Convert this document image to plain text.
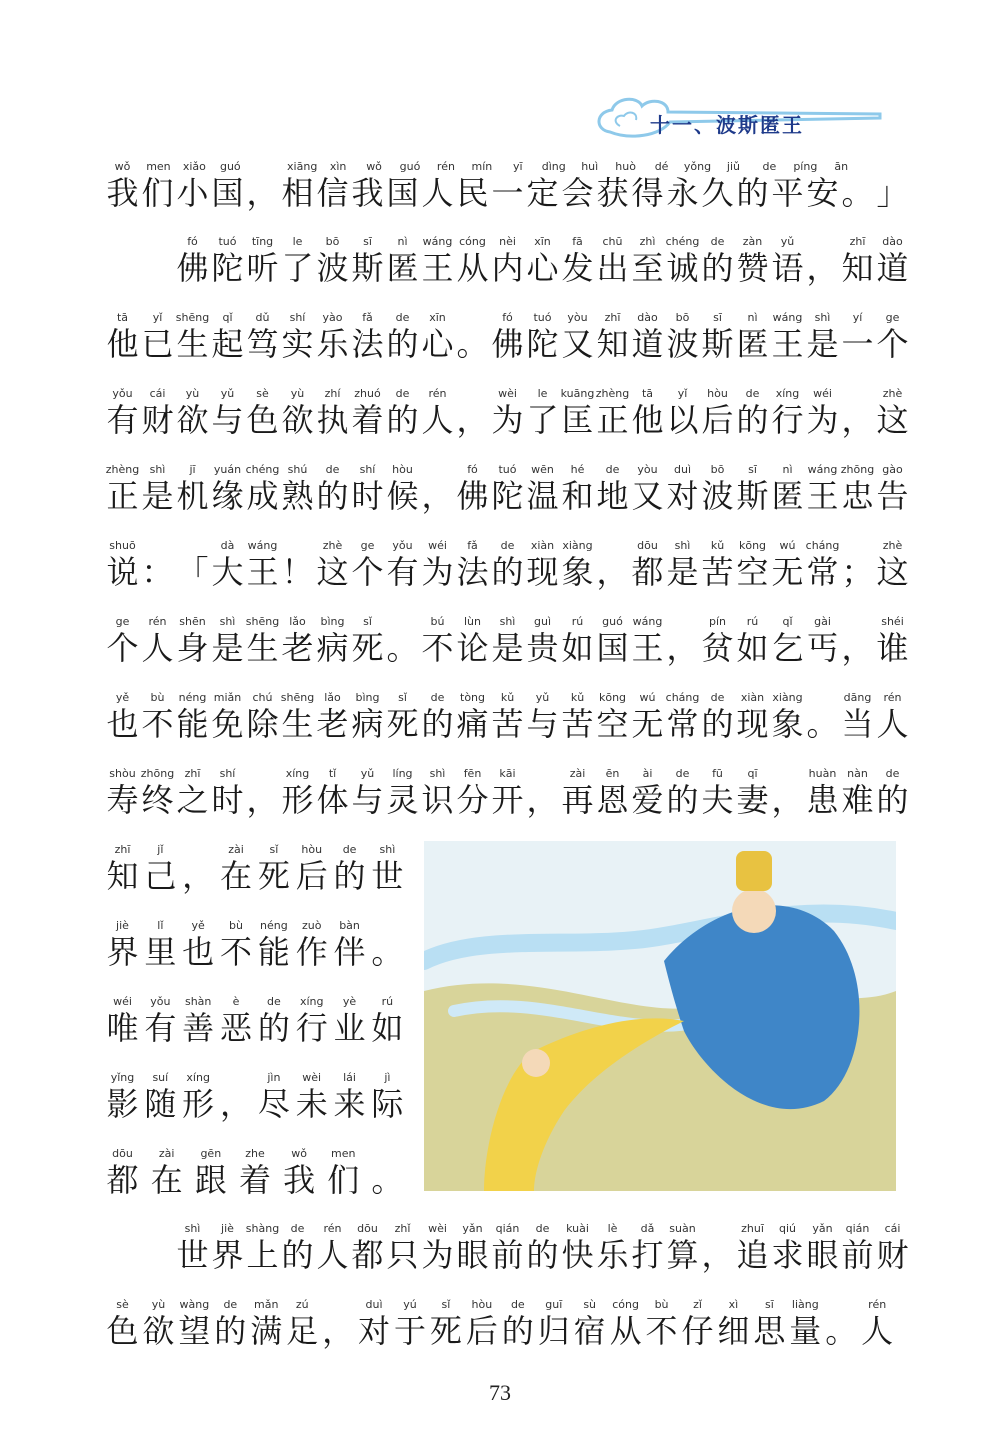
十一、波斯匿王
wǒ	men	xiǎo	guó	xiāng	xìn	wǒ	guó	rén	mín	yī	dìng	huì	huò	dé	yǒng	jiǔ	de	píng	ān
我 们 小 国 ， 相 信 我 国 人 民 一 定 会 获 得 永 久 的 平 安 。 」
fó	tuó	tīng	le	bō	sī	nì	wáng cóng	nèi	xīn	fā	chū	zhì chéng	de	zàn	yǔ	zhī	dào
佛 陀 听 了 波 斯 匿 王 从 内 心 发 出 至 诚 的 赞 语 ， 知 道
tā	yǐ	shēng	qǐ	dǔ	shí	yào	fǎ	de	xīn	fó	tuó	yòu	zhī	dào	bō	sī	nì	wáng	shì	yí	ge
他 已 生 起 笃 实 乐 法 的 心 。 佛 陀 又 知 道 波 斯 匿 王 是 一 个
yǒu	cái	yù	yǔ	sè	yù	zhí	zhuó	de	rén	wèi	le	kuāng zhèng	tā	yǐ	hòu	de	xíng	wéi	zhè
有 财 欲 与 色 欲 执 着 的 人 ， 为 了 匡 正 他 以 后 的 行 为 ， 这
zhèng shì	jī	yuán chéng shú	de	shí	hòu	fó	tuó	wēn	hé	de	yòu	duì	bō	sī	nì	wáng zhōng gào
正 是 机 缘 成 熟 的 时 候 ， 佛 陀 温 和 地 又 对 波 斯 匿 王 忠 告
shuō	dà	wáng	zhè	ge	yǒu	wéi	fǎ	de	xiàn xiàng	dōu	shì	kǔ	kōng	wú cháng	zhè
说 ： 「 大 王 ！ 这 个 有 为 法 的 现 象 ， 都 是 苦 空 无 常 ； 这
ge	rén	shēn	shì shēng lǎo	bìng	sǐ	bú	lùn	shì	guì	rú	guó wáng	pín	rú	qǐ	gài	shéi
个 人 身 是 生 老 病 死 。 不 论 是 贵 如 国 王 ， 贫 如 乞 丐 ， 谁
yě	bù	néng miǎn	chú shēng lǎo	bìng	sǐ	de	tòng	kǔ	yǔ	kǔ	kōng	wú cháng	de	xiàn xiàng	dāng	rén
也 不 能 免 除 生 老 病 死 的 痛 苦 与 苦 空 无 常 的 现 象 。 当 人
shòu zhōng zhī	shí	xíng	tǐ	yǔ	líng	shì	fēn	kāi	zài	ēn	ài	de	fū	qī	huàn nàn	de
寿 终 之 时 ， 形 体 与 灵 识 分 开 ， 再 恩 爱 的 夫 妻 ， 患 难 的
zhī	jǐ	zài	sǐ	hòu	de	shì
知 己 ， 在 死 后 的 世
jiè	lǐ	yě	bù	néng	zuò	bàn
界 里 也 不 能 作 伴 。
wéi	yǒu	shàn	è	de	xíng	yè	rú
唯 有 善 恶 的 行 业 如
yǐng	suí	xíng	jìn	wèi	lái	jì
影 随 形 ， 尽 未 来 际
dōu	zài	gēn	zhe	wǒ	men
都 在 跟 着 我 们 。
shì	jiè	shàng	de	rén	dōu	zhǐ	wèi	yǎn	qián	de	kuài	lè	dǎ	suàn	zhuī	qiú	yǎn	qián	cái
世 界 上 的 人 都 只 为 眼 前 的 快 乐 打 算 ， 追 求 眼 前 财
sè	yù	wàng	de	mǎn	zú	duì	yú	sǐ	hòu	de	guī	sù	cóng	bù	zǐ	xì	sī	liàng	rén
色 欲 望 的 满 足 ， 对 于 死 后 的 归 宿 从 不 仔 细 思 量 。 人
73
